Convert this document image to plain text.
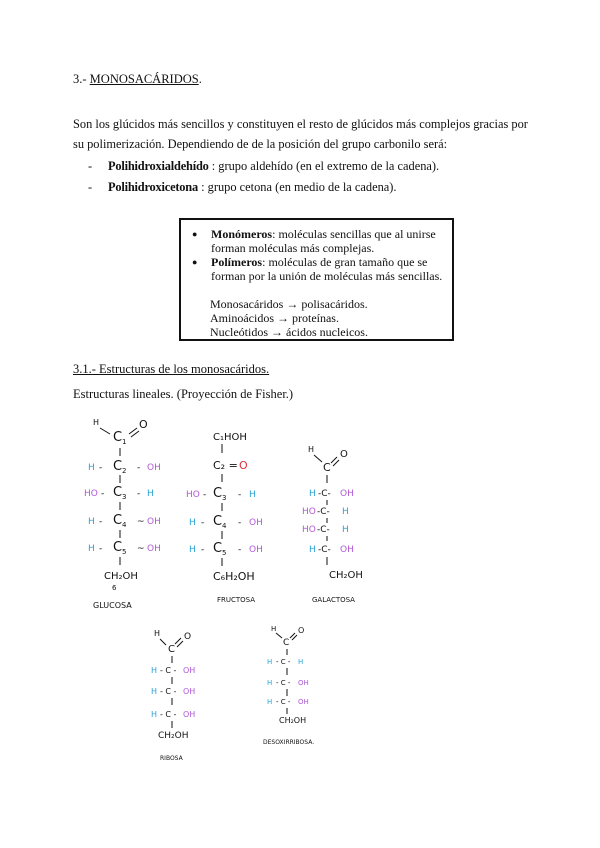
3.- MONOSACÁRIDOS.
Son los glúcidos más sencillos y constituyen el resto de glúcidos más complejos gracias por su polimerización. Dependiendo de de la posición del grupo carbonilo será:
-	Polihidroxialdehído : grupo aldehído (en el extremo de la cadena).
-	Polihidroxicetona : grupo cetona (en medio de la cadena).
● Monómeros: moléculas sencillas que al unirse forman moléculas más complejas.
● Polímeros: moléculas de gran tamaño que se forman por la unión de moléculas más sencillas.
Monosacáridos → polisacáridos.
Aminoácidos → proteínas.
Nucleótidos → ácidos nucleicos.
3.1.- Estructuras de los monosacáridos.
Estructuras lineales. (Proyección de Fisher.)
H
C 1
O
H - C 2 - OH
HO - C 3 - H
H - C 4 ~ OH
H - C 5 ~ OH
CH₂OH
6
GLUCOSA
C₁HOH
C₂ = O
HO - C 3 - H
H - C 4 - OH
H - C 5 - OH
C₆H₂OH
FRUCTOSA
H
C
O
H -C- OH
HO -C- H
HO -C- H
H -C- OH
CH₂OH
GALACTOSA
H
C
O
H - C - OH
H - C - OH
H - C - OH
CH₂OH
RIBOSA
H
C
O
H - C - H
H - C - OH
H - C - OH
CH₂OH
DESOXIRRIBOSA.
